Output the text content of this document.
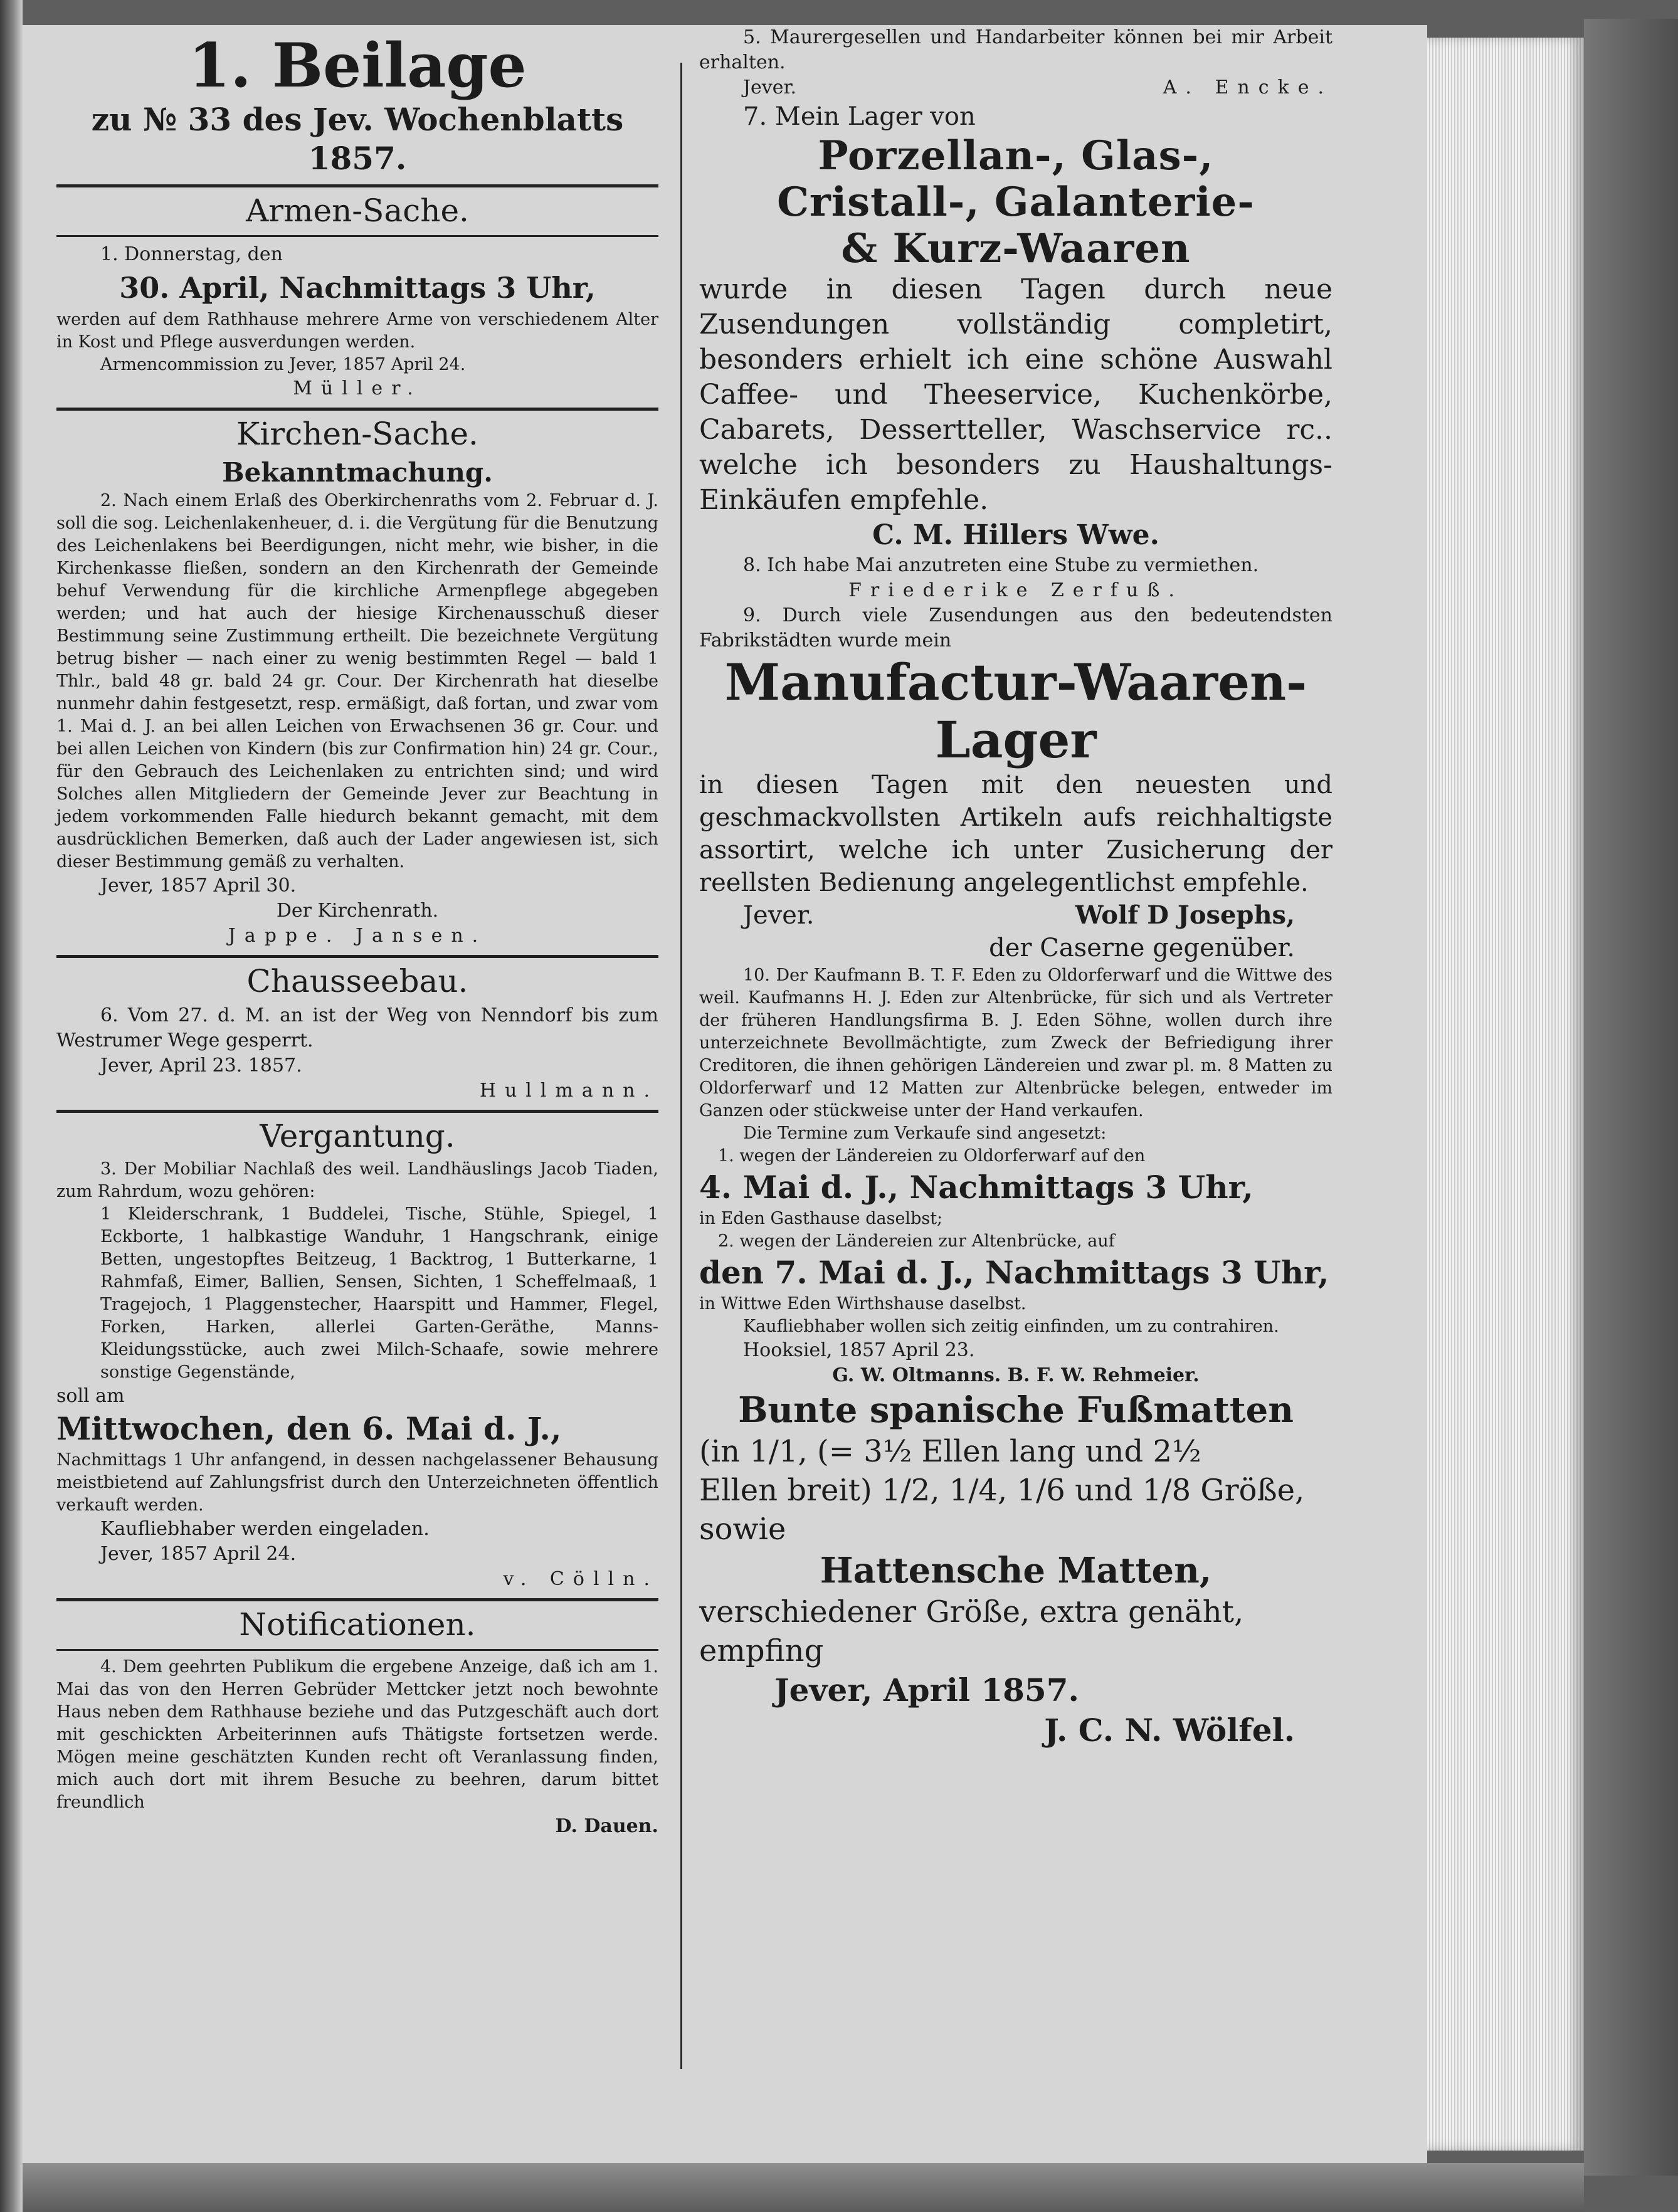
1. Beilage

zu № 33 des Jev. Wochenblatts 1857.

Armen-Sache.

1. Donnerstag, den

30. April, Nachmittags 3 Uhr,

werden auf dem Rathhause mehrere Arme von verschiedenem Alter in Kost und Pflege ausverdungen werden.

Armencommission zu Jever, 1857 April 24.

Müller.

Kirchen-Sache.

Bekanntmachung.

2. Nach einem Erlaß des Oberkirchenraths vom 2. Februar d. J. soll die sog. Leichenlakenheuer, d. i. die Vergütung für die Benutzung des Leichenlakens bei Beerdigungen, nicht mehr, wie bisher, in die Kirchenkasse fließen, sondern an den Kirchenrath der Gemeinde behuf Verwendung für die kirchliche Armenpflege abgegeben werden; und hat auch der hiesige Kirchenausschuß dieser Bestimmung seine Zustimmung ertheilt. Die bezeichnete Vergütung betrug bisher — nach einer zu wenig bestimmten Regel — bald 1 Thlr., bald 48 gr. bald 24 gr. Cour. Der Kirchenrath hat dieselbe nunmehr dahin festgesetzt, resp. ermäßigt, daß fortan, und zwar vom 1. Mai d. J. an bei allen Leichen von Erwachsenen 36 gr. Cour. und bei allen Leichen von Kindern (bis zur Confirmation hin) 24 gr. Cour., für den Gebrauch des Leichenlaken zu entrichten sind; und wird Solches allen Mitgliedern der Gemeinde Jever zur Beachtung in jedem vorkommenden Falle hiedurch bekannt gemacht, mit dem ausdrücklichen Bemerken, daß auch der Lader angewiesen ist, sich dieser Bestimmung gemäß zu verhalten.

Jever, 1857 April 30.

Der Kirchenrath.

Jappe. Jansen.

Chausseebau.

6. Vom 27. d. M. an ist der Weg von Nenndorf bis zum Westrumer Wege gesperrt.

Jever, April 23. 1857.

Hullmann.

Vergantung.

3. Der Mobiliar Nachlaß des weil. Landhäuslings Jacob Tiaden, zum Rahrdum, wozu gehören:

1 Kleiderschrank, 1 Buddelei, Tische, Stühle, Spiegel, 1 Eckborte, 1 halbkastige Wanduhr, 1 Hangschrank, einige Betten, ungestopftes Beitzeug, 1 Backtrog, 1 Butterkarne, 1 Rahmfaß, Eimer, Ballien, Sensen, Sichten, 1 Scheffelmaaß, 1 Tragejoch, 1 Plaggenstecher, Haarspitt und Hammer, Flegel, Forken, Harken, allerlei Garten-Geräthe, Manns-Kleidungsstücke, auch zwei Milch-Schaafe, sowie mehrere sonstige Gegenstände,

soll am

Mittwochen, den 6. Mai d. J.,

Nachmittags 1 Uhr anfangend, in dessen nachgelassener Behausung meistbietend auf Zahlungsfrist durch den Unterzeichneten öffentlich verkauft werden.

Kaufliebhaber werden eingeladen.

Jever, 1857 April 24.

v. Cölln.

Notificationen.

4. Dem geehrten Publikum die ergebene Anzeige, daß ich am 1. Mai das von den Herren Gebrüder Mettcker jetzt noch bewohnte Haus neben dem Rathhause beziehe und das Putzgeschäft auch dort mit geschickten Arbeiterinnen aufs Thätigste fortsetzen werde. Mögen meine geschätzten Kunden recht oft Veranlassung finden, mich auch dort mit ihrem Besuche zu beehren, darum bittet freundlich

D. Dauen.

5. Maurergesellen und Handarbeiter können bei mir Arbeit erhalten.

Jever.	A. Encke.

7. Mein Lager von

Porzellan-, Glas-,

Cristall-, Galanterie-

& Kurz-Waaren

wurde in diesen Tagen durch neue Zusendungen vollständig completirt, besonders erhielt ich eine schöne Auswahl Caffee- und Theeservice, Kuchenkörbe, Cabarets, Dessertteller, Waschservice rc.. welche ich besonders zu Haushaltungs-Einkäufen empfehle.

C. M. Hillers Wwe.

8. Ich habe Mai anzutreten eine Stube zu vermiethen.

Friederike Zerfuß.

9. Durch viele Zusendungen aus den bedeutendsten Fabrikstädten wurde mein

Manufactur-Waaren-

Lager

in diesen Tagen mit den neuesten und geschmackvollsten Artikeln aufs reichhaltigste assortirt, welche ich unter Zusicherung der reellsten Bedienung angelegentlichst empfehle.

Jever.	Wolf D Josephs,

der Caserne gegenüber.

10. Der Kaufmann B. T. F. Eden zu Oldorferwarf und die Wittwe des weil. Kaufmanns H. J. Eden zur Altenbrücke, für sich und als Vertreter der früheren Handlungsfirma B. J. Eden Söhne, wollen durch ihre unterzeichnete Bevollmächtigte, zum Zweck der Befriedigung ihrer Creditoren, die ihnen gehörigen Ländereien und zwar pl. m. 8 Matten zu Oldorferwarf und 12 Matten zur Altenbrücke belegen, entweder im Ganzen oder stückweise unter der Hand verkaufen.

Die Termine zum Verkaufe sind angesetzt:

1. wegen der Ländereien zu Oldorferwarf auf den

4. Mai d. J., Nachmittags 3 Uhr,

in Eden Gasthause daselbst;

2. wegen der Ländereien zur Altenbrücke, auf

den 7. Mai d. J., Nachmittags 3 Uhr,

in Wittwe Eden Wirthshause daselbst.

Kaufliebhaber wollen sich zeitig einfinden, um zu contrahiren.

Hooksiel, 1857 April 23.

G. W. Oltmanns. B. F. W. Rehmeier.

Bunte spanische Fußmatten

(in 1/1, (= 3½ Ellen lang und 2½

Ellen breit) 1/2, 1/4, 1/6 und 1/8 Größe,

sowie

Hattensche Matten,

verschiedener Größe, extra genäht,

empfing

Jever, April 1857.

J. C. N. Wölfel.
